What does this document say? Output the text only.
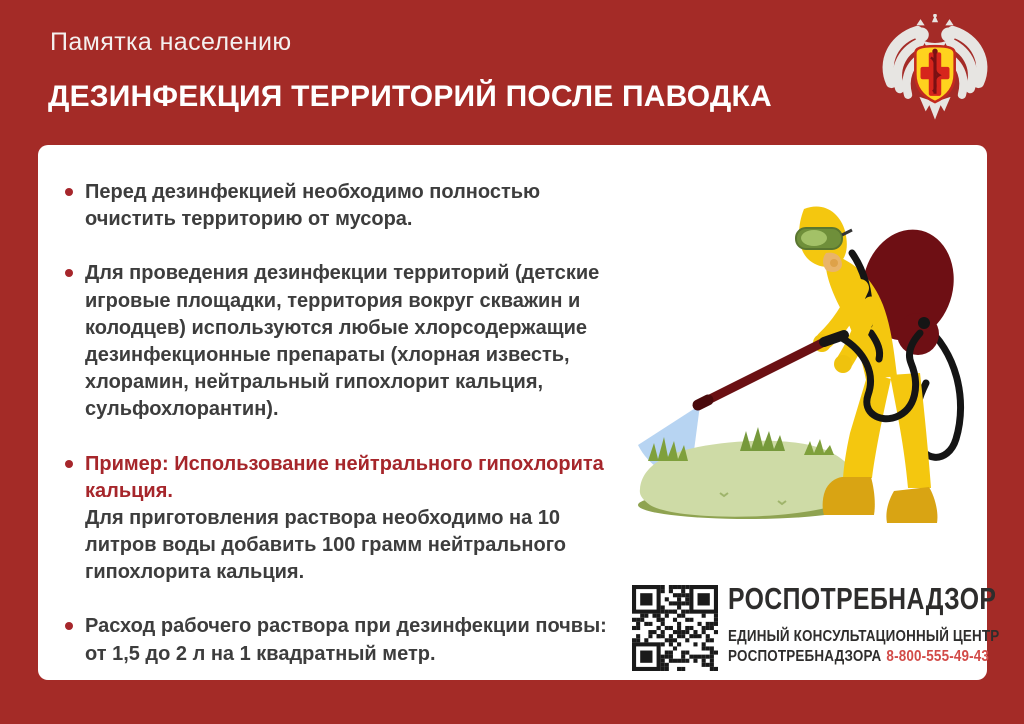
Памятка населению
ДЕЗИНФЕКЦИЯ ТЕРРИТОРИЙ ПОСЛЕ ПАВОДКА
Перед дезинфекцией необходимо полностью очистить территорию от мусора.
Для проведения дезинфекции территорий (детские игровые площадки, территория вокруг скважин и колодцев) используются любые хлорсодержащие дезинфекционные препараты (хлорная известь, хлорамин, нейтральный гипохлорит кальция, сульфохлорантин).
Пример: Использование нейтрального гипохлорита кальция.
Для приготовления раствора необходимо на 10 литров воды добавить 100 грамм нейтрального гипохлорита кальция.
Расход рабочего раствора при дезинфекции почвы: от 1,5 до 2 л на 1 квадратный метр.
РОСПОТРЕБНАДЗОР
ЕДИНЫЙ КОНСУЛЬТАЦИОННЫЙ ЦЕНТР
РОСПОТРЕБНАДЗОРА 8-800-555-49-43
